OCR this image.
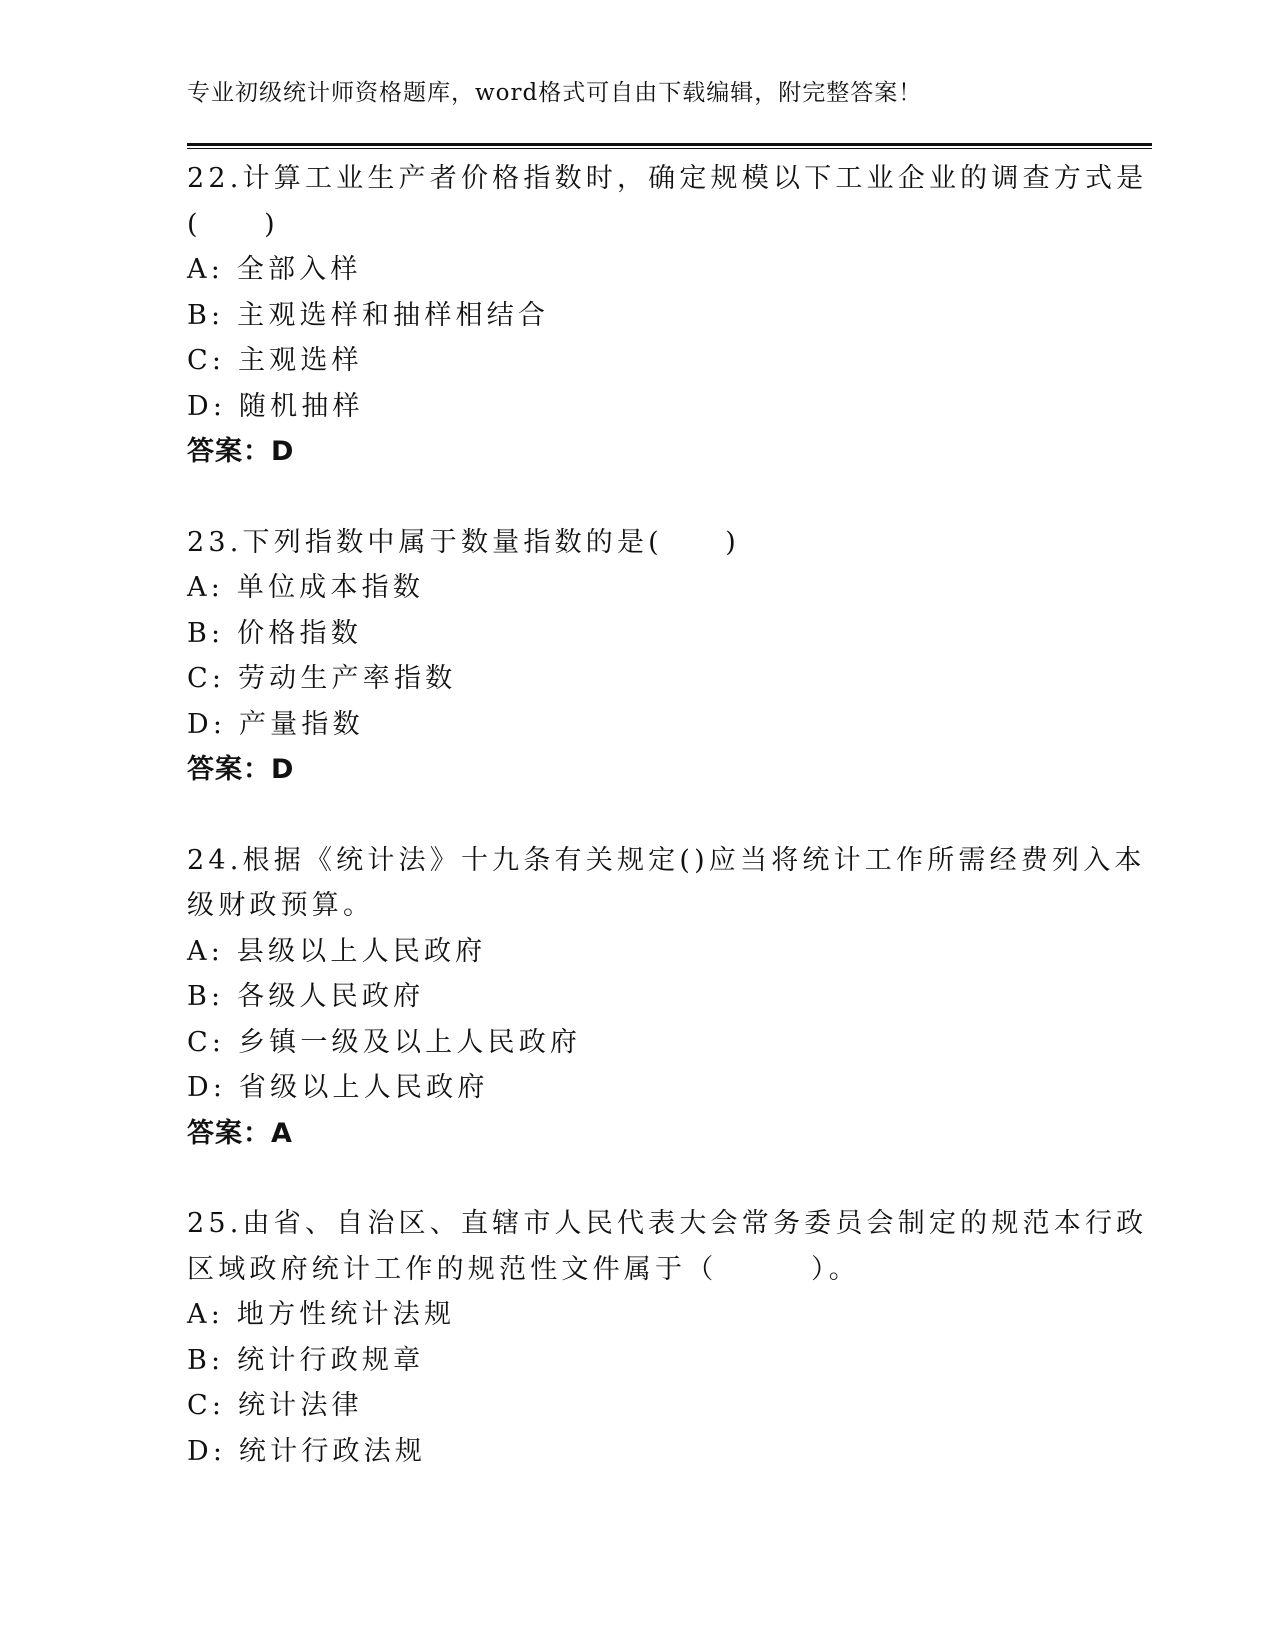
专业初级统计师资格题库，word格式可自由下载编辑，附完整答案！
22.计算工业生产者价格指数时，确定规模以下工业企业的调查方式是
(　　)
A: 全部入样
B: 主观选样和抽样相结合
C: 主观选样
D: 随机抽样
答案：D
23.下列指数中属于数量指数的是(　　)
A: 单位成本指数
B: 价格指数
C: 劳动生产率指数
D: 产量指数
答案：D
24.根据《统计法》十九条有关规定()应当将统计工作所需经费列入本
级财政预算。
A: 县级以上人民政府
B: 各级人民政府
C: 乡镇一级及以上人民政府
D: 省级以上人民政府
答案：A
25.由省、自治区、直辖市人民代表大会常务委员会制定的规范本行政
区域政府统计工作的规范性文件属于（　　　）。
A: 地方性统计法规
B: 统计行政规章
C: 统计法律
D: 统计行政法规
